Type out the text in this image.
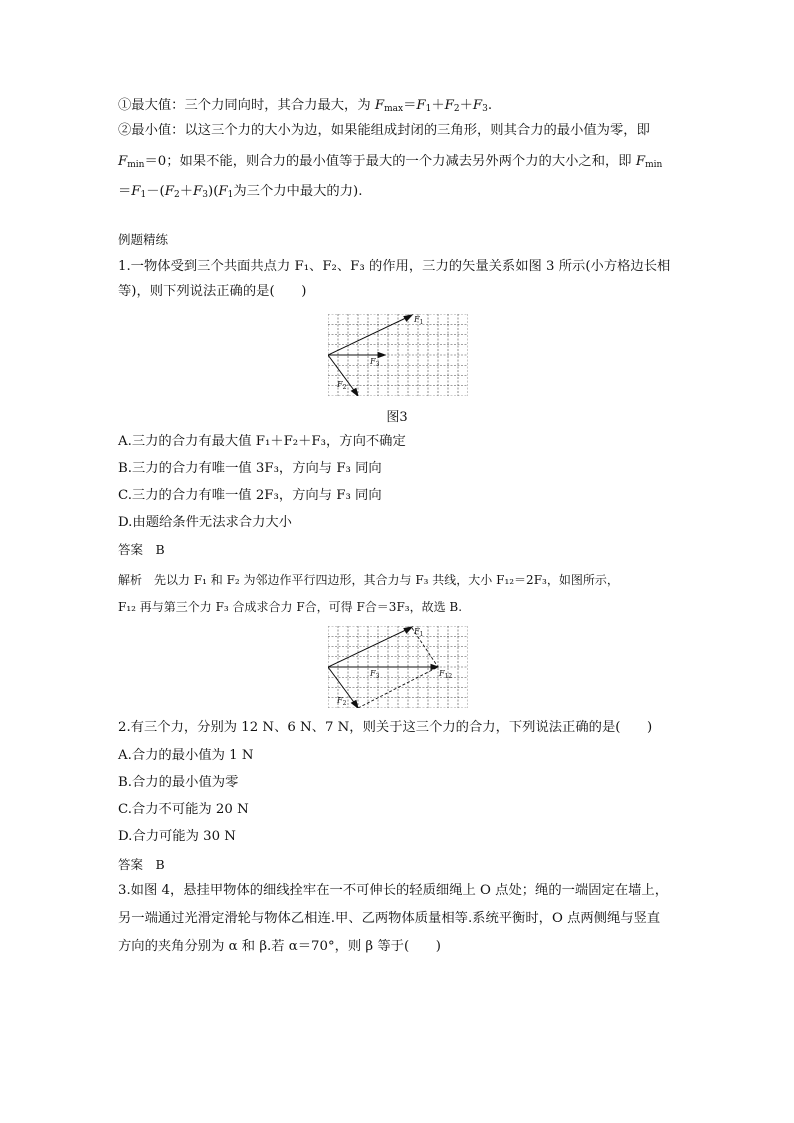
①最大值：三个力同向时，其合力最大，为 $F_{max}=F_1+F_2+F_3$.
②最小值：以这三个力的大小为边，如果能组成封闭的三角形，则其合力的最小值为零，即
$F_{min}=0$；如果不能，则合力的最小值等于最大的一个力减去另外两个力的大小之和，即 $F_{min}$
$=F_1-(F_2+F_3)(F_1$为三个力中最大的力).
例题精练
1.一物体受到三个共面共点力 F₁、F₂、F₃ 的作用，三力的矢量关系如图 3 所示(小方格边长相
等)，则下列说法正确的是(　　)
$F_1$
$F_3$
$F_2$
图3
A.三力的合力有最大值 F₁＋F₂＋F₃，方向不确定
B.三力的合力有唯一值 3F₃，方向与 F₃ 同向
C.三力的合力有唯一值 2F₃，方向与 F₃ 同向
D.由题给条件无法求合力大小
答案　B
解析　先以力 F₁ 和 F₂ 为邻边作平行四边形，其合力与 F₃ 共线，大小 F₁₂＝2F₃，如图所示，
F₁₂ 再与第三个力 F₃ 合成求合力 F合，可得 F合＝3F₃，故选 B.
$F_1$
$F_3$	$F_{12}$
$F_2$
2.有三个力，分别为 12 N、6 N、7 N，则关于这三个力的合力，下列说法正确的是(　　)
A.合力的最小值为 1 N
B.合力的最小值为零
C.合力不可能为 20 N
D.合力可能为 30 N
答案　B
3.如图 4，悬挂甲物体的细线拴牢在一不可伸长的轻质细绳上 O 点处；绳的一端固定在墙上，
另一端通过光滑定滑轮与物体乙相连.甲、乙两物体质量相等.系统平衡时，O 点两侧绳与竖直
方向的夹角分别为 α 和 β.若 α＝70°，则 β 等于(　　)
